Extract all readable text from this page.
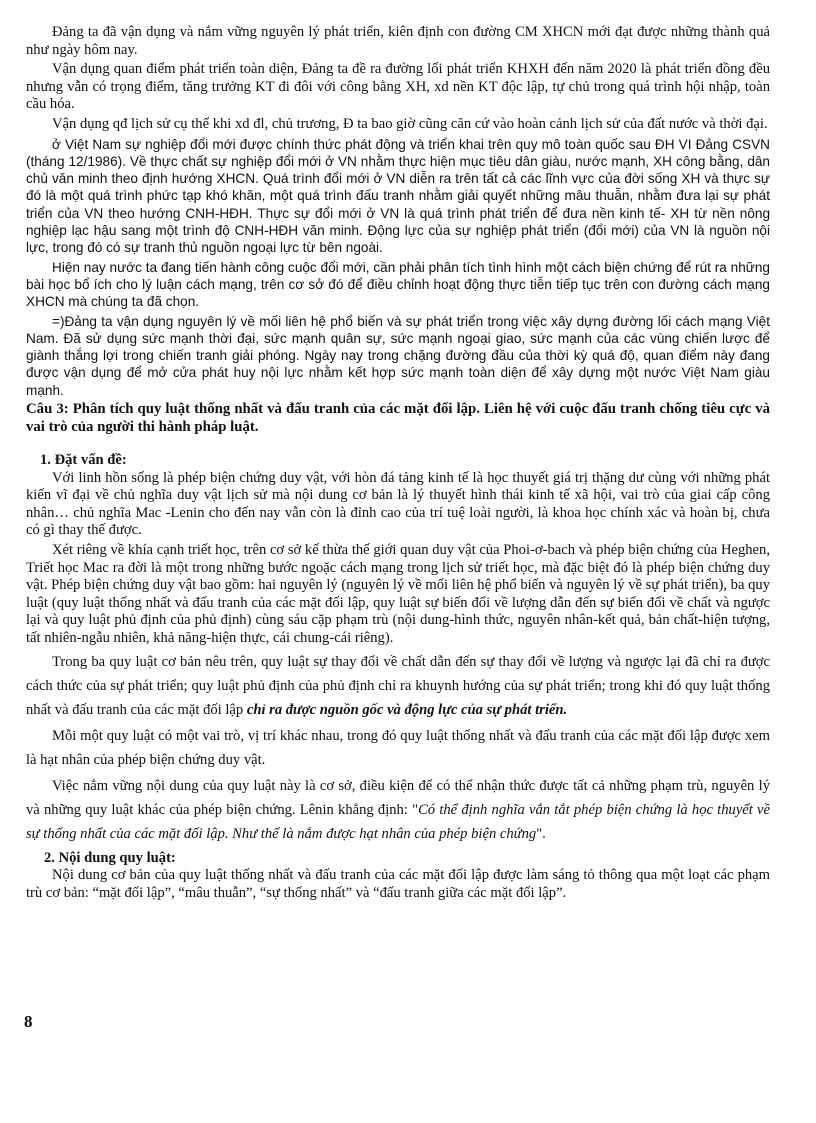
Đảng ta đã vận dụng và nắm vững nguyên lý phát triển, kiên định con đường CM XHCN mới đạt được những thành quả như ngày hôm nay.

Vận dụng quan điểm phát triển toàn diện, Đảng ta đề ra đường lối phát triển KHXH đến năm 2020 là phát triển đồng đều nhưng vẫn có trọng điểm, tăng trưởng KT đi đôi với công bằng XH, xd nền KT độc lập, tự chủ trong quá trình hội nhập, toàn cầu hóa.

Vận dụng qđ lịch sử cụ thể khi xd đl, chủ trương, Đ ta bao giờ cũng căn cứ vào hoàn cảnh lịch sử của đất nước và thời đại.

ở Việt Nam sự nghiệp đổi mới được chính thức phát động và triển khai trên quy mô toàn quốc sau ĐH VI Đảng CSVN (tháng 12/1986). Về thực chất sự nghiệp đổi mới ở VN nhằm thực hiện mục tiêu dân giàu, nước mạnh, XH công bằng, dân chủ văn minh theo định hướng XHCN. Quá trình đổi mới ở VN diễn ra trên tất cả các lĩnh vực của đời sống XH và thực sự đó là một quá trình phức tạp khó khăn, một quá trình đấu tranh nhằm giải quyết những mâu thuẫn, nhằm đưa lại sự phát triển của VN theo hướng CNH-HĐH. Thực sự đổi mới ở VN là quá trình phát triển để đưa nền kinh tế- XH từ nền nông nghiệp lạc hậu sang một trình độ CNH-HĐH văn minh. Động lực của sự nghiệp phát triển (đổi mới) của VN là nguồn nội lực, trong đó có sự tranh thủ nguồn ngoại lực từ bên ngoài.

Hiện nay nước ta đang tiến hành công cuộc đổi mới, cần phải phân tích tình hình một cách biện chứng để rút ra những bài học bổ ích cho lý luận cách mạng, trên cơ sở đó để điều chỉnh hoạt động thực tiễn tiếp tục trên con đường cách mạng XHCN mà chúng ta đã chọn.

=)Đảng ta vận dụng nguyên lý về mối liên hệ phổ biến và sự phát triển trong việc xây dựng đường lối cách mạng Việt Nam. Đã sử dụng sức mạnh thời đại, sức mạnh quân sự, sức mạnh ngoại giao, sức mạnh của các vùng chiến lược để giành thắng lợi trong chiến tranh giải phóng. Ngày nay trong chặng đường đầu của thời kỳ quá độ, quan điểm này đang được vận dụng để mở cửa phát huy nội lực nhằm kết hợp sức mạnh toàn diện để xây dựng một nước Việt Nam giàu mạnh.

Câu 3: Phân tích quy luật thống nhất và đấu tranh của các mặt đối lập. Liên hệ với cuộc đấu tranh chống tiêu cực và vai trò của người thi hành pháp luật.

1. Đặt vấn đề:

Với linh hồn sống là phép biện chứng duy vật, với hòn đá tảng kinh tế là học thuyết giá trị thặng dư cùng với những phát kiến vĩ đại về chủ nghĩa duy vật lịch sử mà nội dung cơ bản là lý thuyết hình thái kinh tế xã hội, vai trò của giai cấp công nhân… chủ nghĩa Mac -Lenin cho đến nay vẫn còn là đỉnh cao của trí tuệ loài người, là khoa học chính xác và hoàn bị, chưa có gì thay thế được.

Xét riêng về khía cạnh triết học, trên cơ sở kế thừa thế giới quan duy vật của Phoi-ơ-bach và phép biện chứng của Heghen, Triết học Mac ra đời là một trong những bước ngoặc cách mạng trong lịch sử triết học, mà đặc biệt đó là phép biện chứng duy vật. Phép biện chứng duy vật bao gồm: hai nguyên lý (nguyên lý về mối liên hệ phổ biến và nguyên lý về sự phát triển), ba quy luật (quy luật thống nhất và đấu tranh của các mặt đối lập, quy luật sự biến đổi về lượng dẫn đến sự biến đổi về chất và ngược lại và quy luật phủ định của phủ định) cùng sáu cặp phạm trù (nội dung-hình thức, nguyên nhân-kết quả, bản chất-hiện tượng, tất nhiên-ngẫu nhiên, khả năng-hiện thực, cái chung-cái riêng).

Trong ba quy luật cơ bản nêu trên, quy luật sự thay đổi về chất dẫn đến sự thay đổi về lượng và ngược lại đã chỉ ra được cách thức của sự phát triển; quy luật phủ định của phủ định chỉ ra khuynh hướng của sự phát triển; trong khi đó quy luật thống nhất và đấu tranh của các mặt đối lập chỉ ra được nguồn gốc và động lực của sự phát triển.

Mỗi một quy luật có một vai trò, vị trí khác nhau, trong đó quy luật thống nhất và đấu tranh của các mặt đối lập được xem là hạt nhân của phép biện chứng duy vật.

Việc nắm vững nội dung của quy luật này là cơ sở, điều kiện để có thể nhận thức được tất cả những phạm trù, nguyên lý và những quy luật khác của phép biện chứng. Lênin khẳng định: "Có thể định nghĩa vắn tắt phép biện chứng là học thuyết về sự thống nhất của các mặt đối lập. Như thế là nắm được hạt nhân của phép biện chứng".

2. Nội dung quy luật:

Nội dung cơ bản của quy luật thống nhất và đấu tranh của các mặt đối lập được làm sáng tỏ thông qua một loạt các phạm trù cơ bản: “mặt đối lập”, “mâu thuẫn”, “sự thống nhất” và “đấu tranh giữa các mặt đối lập”.

8
